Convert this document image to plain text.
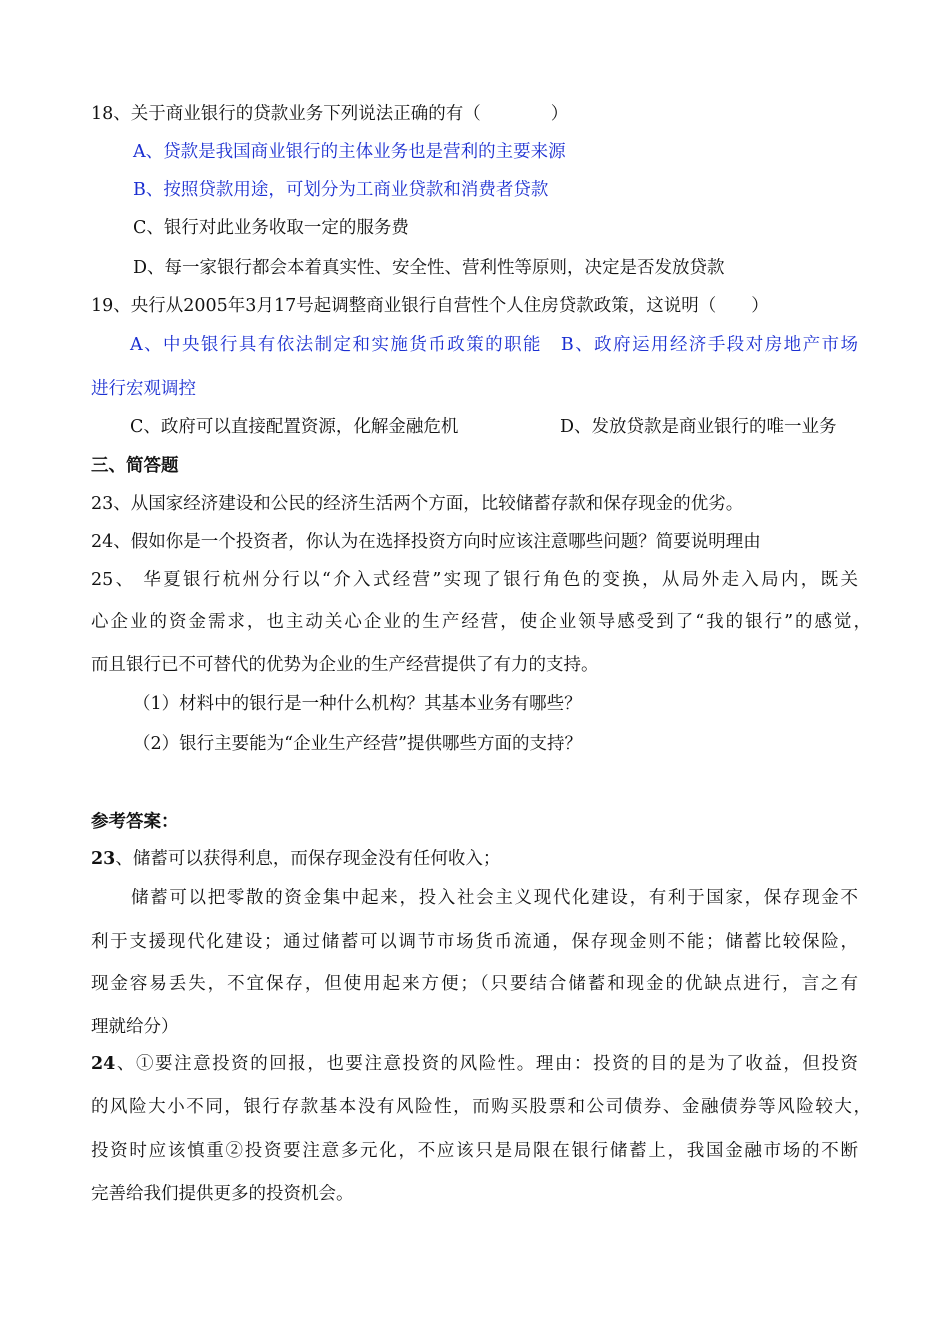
18、关于商业银行的贷款业务下列说法正确的有（　　　　）
A、贷款是我国商业银行的主体业务也是营利的主要来源
B、按照贷款用途，可划分为工商业贷款和消费者贷款
C、银行对此业务收取一定的服务费
D、每一家银行都会本着真实性、安全性、营利性等原则，决定是否发放贷款
19、央行从2005年3月17号起调整商业银行自营性个人住房贷款政策，这说明（　　）
A、中央银行具有依法制定和实施货币政策的职能　B、政府运用经济手段对房地产市场
进行宏观调控
C、政府可以直接配置资源，化解金融危机	D、发放贷款是商业银行的唯一业务
三、简答题
23、从国家经济建设和公民的经济生活两个方面，比较储蓄存款和保存现金的优劣。
24、假如你是一个投资者，你认为在选择投资方向时应该注意哪些问题？简要说明理由
25、 华夏银行杭州分行以“介入式经营”实现了银行角色的变换，从局外走入局内，既关
心企业的资金需求，也主动关心企业的生产经营，使企业领导感受到了“我的银行”的感觉，
而且银行已不可替代的优势为企业的生产经营提供了有力的支持。
（1）材料中的银行是一种什么机构？其基本业务有哪些？
（2）银行主要能为“企业生产经营”提供哪些方面的支持？
参考答案：
23、储蓄可以获得利息，而保存现金没有任何收入；
储蓄可以把零散的资金集中起来，投入社会主义现代化建设，有利于国家，保存现金不
利于支援现代化建设；通过储蓄可以调节市场货币流通，保存现金则不能；储蓄比较保险，
现金容易丢失，不宜保存，但使用起来方便；（只要结合储蓄和现金的优缺点进行，言之有
理就给分）
24、①要注意投资的回报，也要注意投资的风险性。理由：投资的目的是为了收益，但投资
的风险大小不同，银行存款基本没有风险性，而购买股票和公司债券、金融债券等风险较大，
投资时应该慎重②投资要注意多元化，不应该只是局限在银行储蓄上，我国金融市场的不断
完善给我们提供更多的投资机会。
